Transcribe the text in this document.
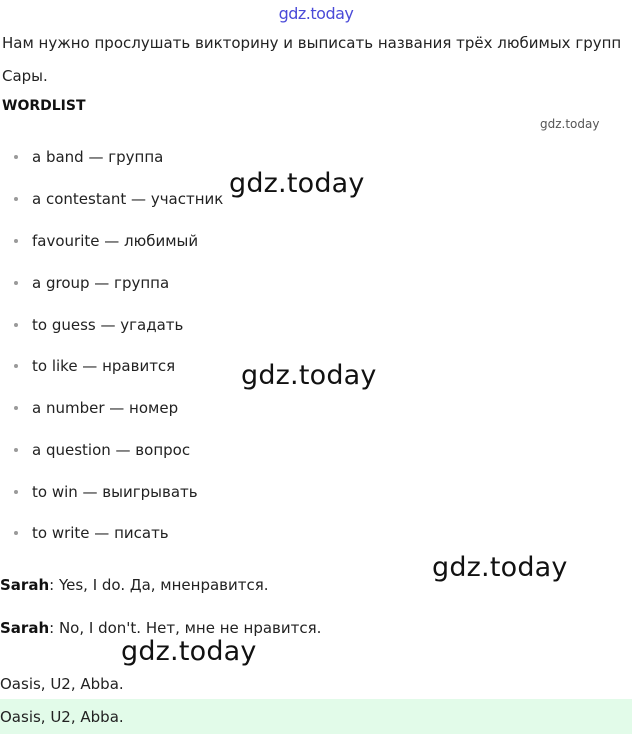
gdz.today
Нам нужно прослушать викторину и выписать названия трёх любимых групп
Сары.
WORDLIST
gdz.today
a band — группа
a contestant — участник
favourite — любимый
a group — группа
to guess — угадать
to like — нравится
a number — номер
a question — вопрос
to win — выигрывать
to write — писать
gdz.today
gdz.today
gdz.today
gdz.today
Sarah: Yes, I do. Да, мненравится.
Sarah: No, I don't. Нет, мне не нравится.
Oasis, U2, Abba.
Oasis, U2, Abba.
